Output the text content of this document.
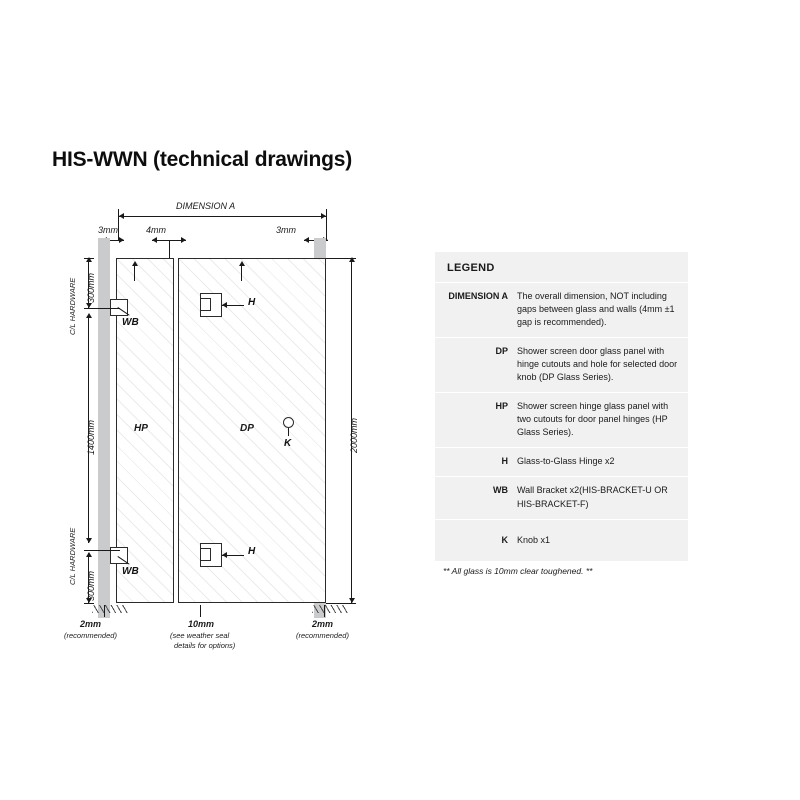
HIS-WWN (technical drawings)
DIMENSION A
3mm	4mm	3mm
HP	DP
H
H
WB
WB
K
300mm
C/L HARDWARE
1400mm
300mm
C/L HARDWARE
2000mm
2mm
(recommended)
10mm
(see weather seal
details for options)
2mm
(recommended)
LEGEND
DIMENSION A	The overall dimension, NOT including gaps between glass and walls (4mm ±1 gap is recommended).
DP	Shower screen door glass panel with hinge cutouts and hole for selected door knob (DP Glass Series).
HP	Shower screen hinge glass panel with two cutouts for door panel hinges (HP Glass Series).
H	Glass-to-Glass Hinge x2
WB	Wall Bracket x2(HIS-BRACKET-U OR HIS-BRACKET-F)
K	Knob x1
** All glass is 10mm clear toughened. **
